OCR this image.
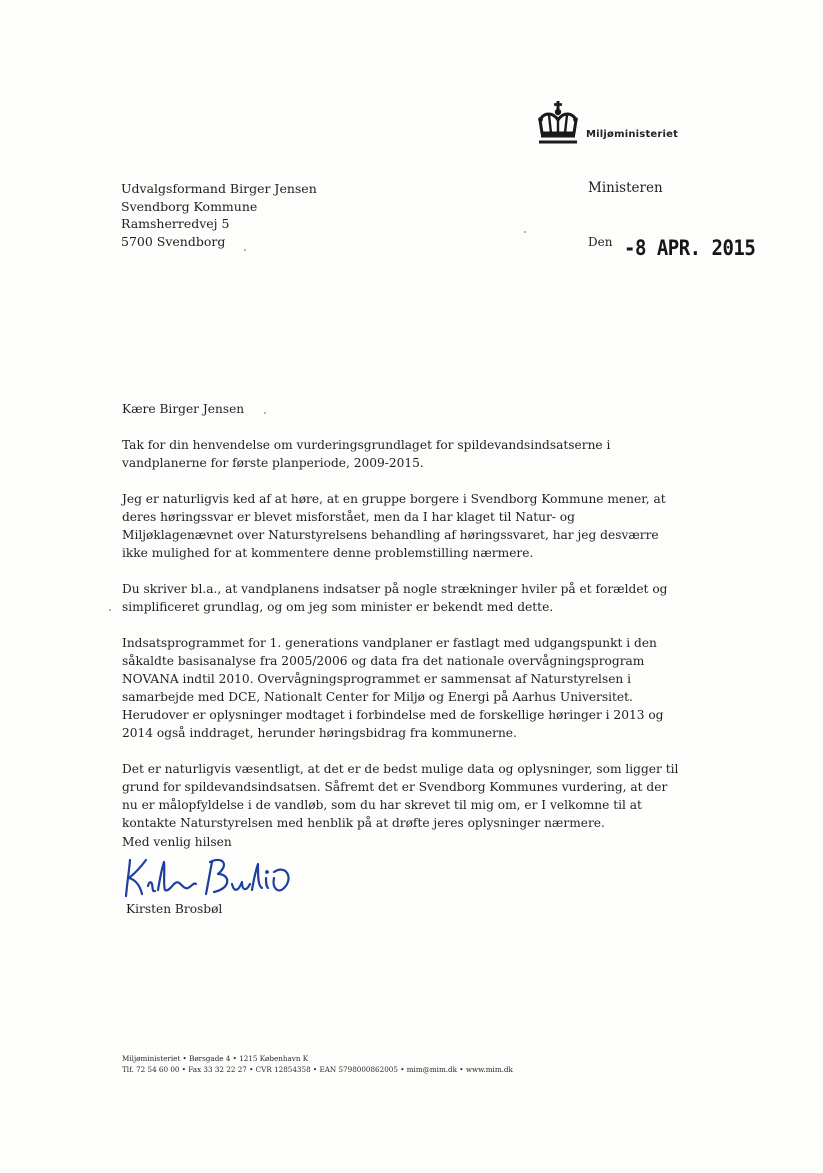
Miljøministeriet
Udvalgsformand Birger Jensen
Svendborg Kommune
Ramsherredvej 5
5700 Svendborg
Ministeren
Den -8 APR. 2015

Kære Birger Jensen

Tak for din henvendelse om vurderingsgrundlaget for spildevandsindsatserne i vandplanerne for første planperiode, 2009-2015.

Jeg er naturligvis ked af at høre, at en gruppe borgere i Svendborg Kommune mener, at deres høringssvar er blevet misforstået, men da I har klaget til Natur- og Miljøklagenævnet over Naturstyrelsens behandling af høringssvaret, har jeg desværre ikke mulighed for at kommentere denne problemstilling nærmere.

Du skriver bl.a., at vandplanens indsatser på nogle strækninger hviler på et forældet og simplificeret grundlag, og om jeg som minister er bekendt med dette.

Indsatsprogrammet for 1. generations vandplaner er fastlagt med udgangspunkt i den såkaldte basisanalyse fra 2005/2006 og data fra det nationale overvågningsprogram NOVANA indtil 2010. Overvågningsprogrammet er sammensat af Naturstyrelsen i samarbejde med DCE, Nationalt Center for Miljø og Energi på Aarhus Universitet. Herudover er oplysninger modtaget i forbindelse med de forskellige høringer i 2013 og 2014 også inddraget, herunder høringsbidrag fra kommunerne.

Det er naturligvis væsentligt, at det er de bedst mulige data og oplysninger, som ligger til grund for spildevandsindsatsen. Såfremt det er Svendborg Kommunes vurdering, at der nu er målopfyldelse i de vandløb, som du har skrevet til mig om, er I velkomne til at kontakte Naturstyrelsen med henblik på at drøfte jeres oplysninger nærmere.

Med venlig hilsen
Kirsten Brosbøl
Miljøministeriet • Børsgade 4 • 1215 København K
Tlf. 72 54 60 00 • Fax 33 32 22 27 • CVR 12854358 • EAN 5798000862005 • mim@mim.dk • www.mim.dk
